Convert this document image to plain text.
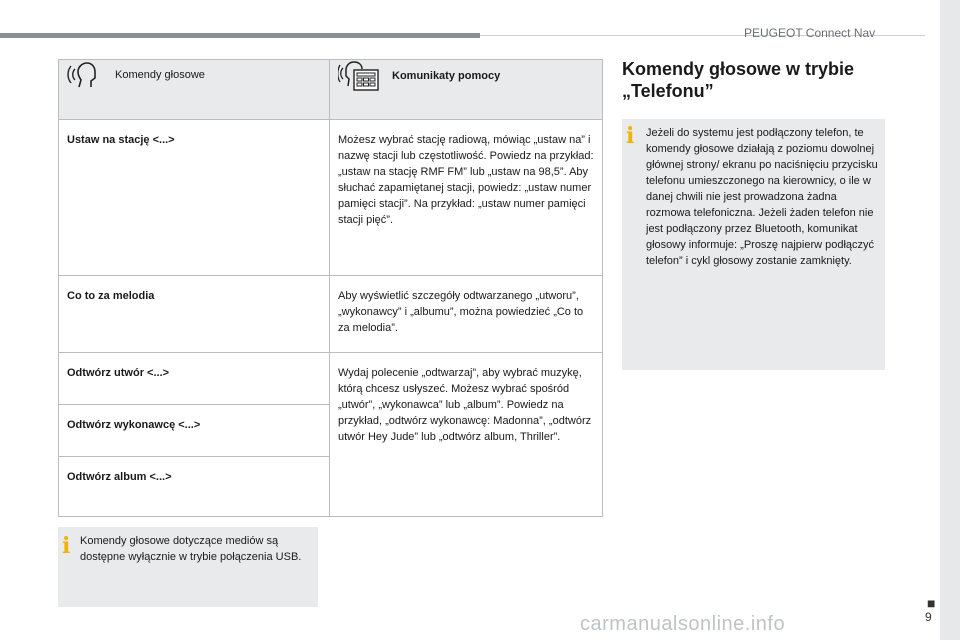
PEUGEOT Connect Nav
Komendy głosowe	Komunikaty pomocy

Ustaw na stację <...>	Możesz wybrać stację radiową, mówiąc „ustaw na” i nazwę stacji lub częstotliwość. Powiedz na przykład: „ustaw na stację RMF FM” lub „ustaw na 98,5”. Aby słuchać zapamiętanej stacji, powiedz: „ustaw numer pamięci stacji”. Na przykład: „ustaw numer pamięci stacji pięć”.
Co to za melodia	Aby wyświetlić szczegóły odtwarzanego „utworu”, „wykonawcy” i „albumu”, można powiedzieć „Co to za melodia”.
Odtwórz utwór <...>	Wydaj polecenie „odtwarzaj”, aby wybrać muzykę, którą chcesz usłyszeć. Możesz wybrać spośród „utwór”, „wykonawca” lub „album”. Powiedz na przykład, „odtwórz wykonawcę: Madonna”, „odtwórz utwór Hey Jude” lub „odtwórz album, Thriller”.
Odtwórz wykonawcę <...>	
Odtwórz album <...>	
i Komendy głosowe dotyczące mediów są dostępne wyłącznie w trybie połączenia USB.
Komendy głosowe w trybie „Telefonu”
i Jeżeli do systemu jest podłączony telefon, te komendy głosowe działają z poziomu dowolnej głównej strony/ ekranu po naciśnięciu przycisku telefonu umieszczonego na kierownicy, o ile w danej chwili nie jest prowadzona żadna rozmowa telefoniczna. Jeżeli żaden telefon nie jest podłączony przez Bluetooth, komunikat głosowy informuje: „Proszę najpierw podłączyć telefon” i cykl głosowy zostanie zamknięty.
■
9
carmanualsonline.info
